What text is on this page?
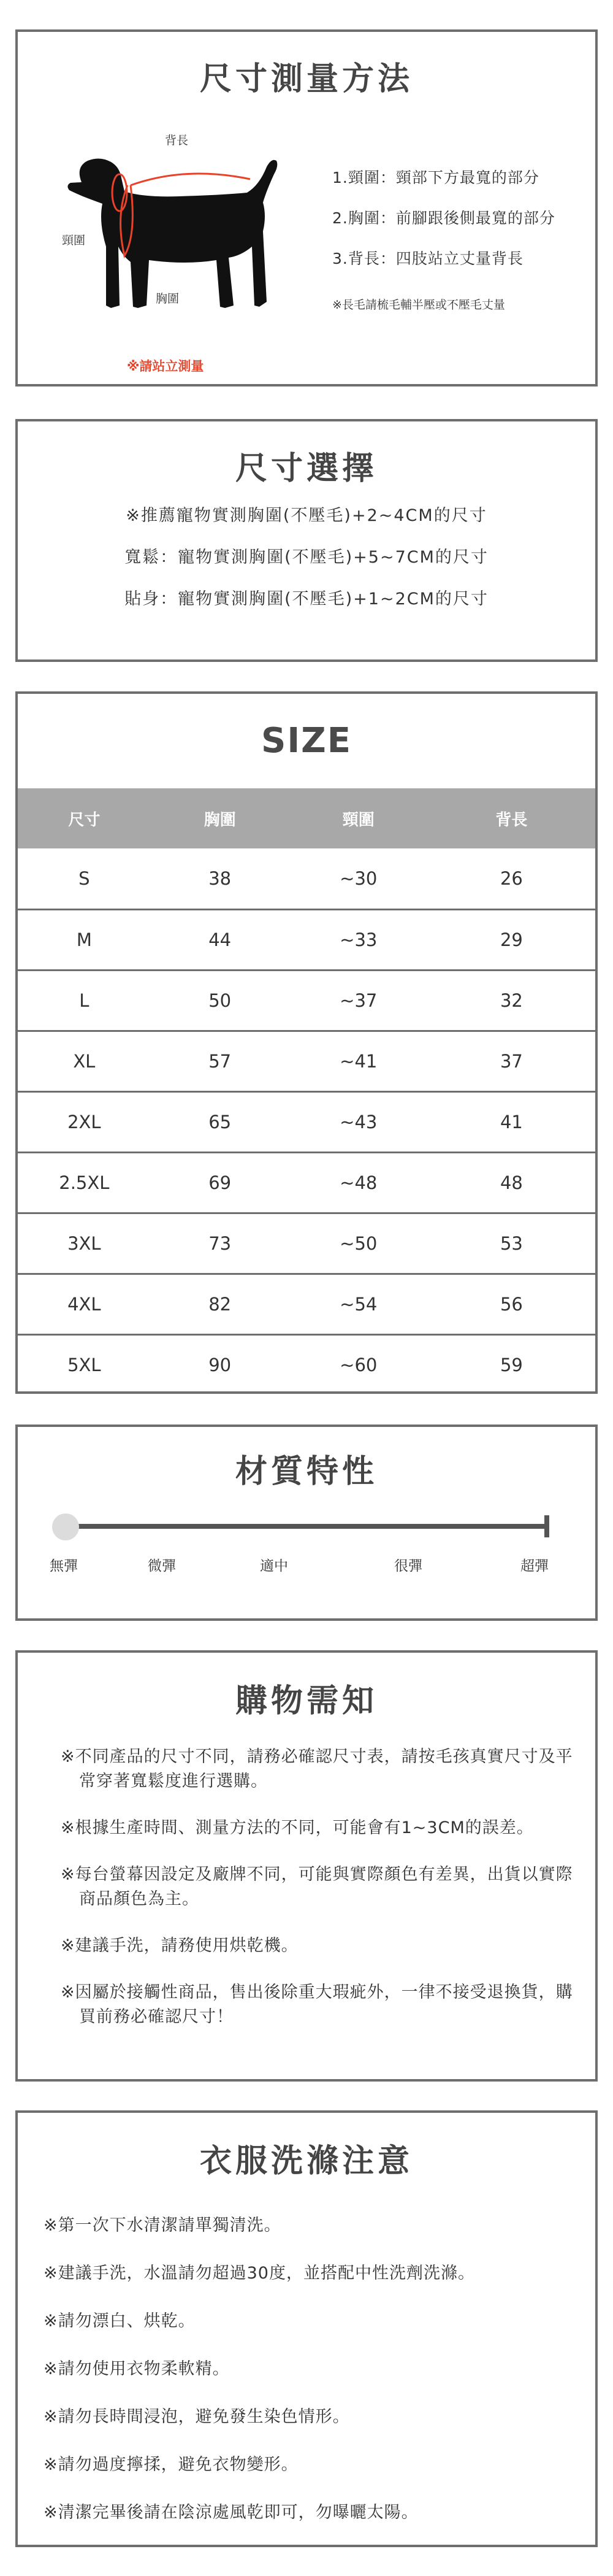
尺寸測量方法
背長
頸圍
胸圍
1.頸圍：頸部下方最寬的部分
2.胸圍：前腳跟後側最寬的部分
3.背長：四肢站立丈量背長
※長毛請梳毛輔半壓或不壓毛丈量
※請站立測量
尺寸選擇
※推薦寵物實測胸圍(不壓毛)+2~4CM的尺寸
寬鬆：寵物實測胸圍(不壓毛)+5~7CM的尺寸
貼身：寵物實測胸圍(不壓毛)+1~2CM的尺寸
SIZE
尺寸	胸圍	頸圍	背長
S	38	~30	26
M	44	~33	29
L	50	~37	32
XL	57	~41	37
2XL	65	~43	41
2.5XL	69	~48	48
3XL	73	~50	53
4XL	82	~54	56
5XL	90	~60	59
材質特性
無彈	微彈	適中	很彈	超彈
購物需知
※不同產品的尺寸不同，請務必確認尺寸表，請按毛孩真實尺寸及平常穿著寬鬆度進行選購。
※根據生產時間、測量方法的不同，可能會有1~3CM的誤差。
※每台螢幕因設定及廠牌不同，可能與實際顏色有差異，出貨以實際商品顏色為主。
※建議手洗，請務使用烘乾機。
※因屬於接觸性商品，售出後除重大瑕疵外，一律不接受退換貨，購買前務必確認尺寸！
衣服洗滌注意
※第一次下水清潔請單獨清洗。
※建議手洗，水溫請勿超過30度，並搭配中性洗劑洗滌。
※請勿漂白、烘乾。
※請勿使用衣物柔軟精。
※請勿長時間浸泡，避免發生染色情形。
※請勿過度擰揉，避免衣物變形。
※清潔完畢後請在陰涼處風乾即可，勿曝曬太陽。
